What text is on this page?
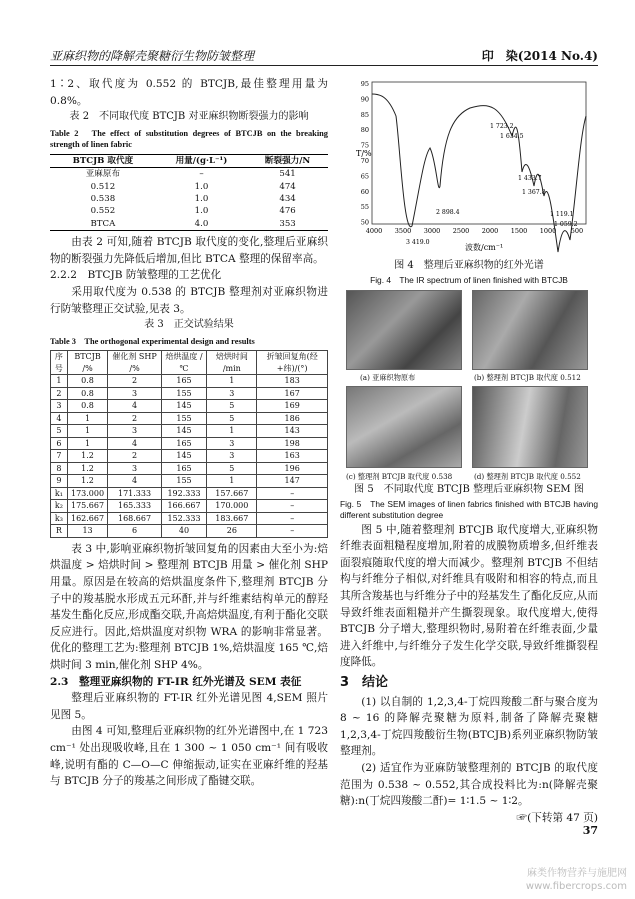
亚麻织物的降解壳聚糖衍生物防皱整理	印　染(2014 No.4)

1∶2、取代度为 0.552 的 BTCJB,最佳整理用量为 0.8%。

表 2　不同取代度 BTCJB 对亚麻织物断裂强力的影响

Table 2　The effect of substitution degrees of BTCJB on the breaking strength of linen fabric

BTCJB 取代度	用量/(g·L⁻¹)	断裂强力/N
亚麻原布	–	541
0.512	1.0	474
0.538	1.0	434
0.552	1.0	476
BTCA	4.0	353

由表 2 可知,随着 BTCJB 取代度的变化,整理后亚麻织物的断裂强力先降低后增加,但比 BTCA 整理的保留率高。

2.2.2　BTCJB 防皱整理的工艺优化

采用取代度为 0.538 的 BTCJB 整理剂对亚麻织物进行防皱整理正交试验,见表 3。

表 3　正交试验结果

Table 3　The orthogonal experimental design and results

序号	BTCJB /%	催化剂 SHP /%	焙烘温度 /℃	焙烘时间 /min	折皱回复角(经+纬)/(°)
1	0.8	2	165	1	183
2	0.8	3	155	3	167
3	0.8	4	145	5	169
4	1	2	155	5	186
5	1	3	145	1	143
6	1	4	165	3	198
7	1.2	2	145	3	163
8	1.2	3	165	5	196
9	1.2	4	155	1	147
k₁	173.000	171.333	192.333	157.667	–
k₂	175.667	165.333	166.667	170.000	–
k₃	162.667	168.667	152.333	183.667	–
R	13	6	40	26	–

表 3 中,影响亚麻织物折皱回复角的因素由大至小为:焙烘温度 > 焙烘时间 > 整理剂 BTCJB 用量 > 催化剂 SHP 用量。原因是在较高的焙烘温度条件下,整理剂 BTCJB 分子中的羧基脱水形成五元环酐,并与纤维素结构单元的醇羟基发生酯化反应,形成酯交联,升高焙烘温度,有利于酯化交联反应进行。因此,焙烘温度对织物 WRA 的影响非常显著。优化的整理工艺为:整理剂 BTCJB 1%,焙烘温度 165 ℃,焙烘时间 3 min,催化剂 SHP 4%。

2.3　整理亚麻织物的 FT-IR 红外光谱及 SEM 表征

整理后亚麻织物的 FT-IR 红外光谱见图 4,SEM 照片见图 5。

由图 4 可知,整理后亚麻织物的红外光谱图中,在 1 723 cm⁻¹ 处出现吸收峰,且在 1 300 ~ 1 050 cm⁻¹ 间有吸收峰,说明有酯的 C—O—C 伸缩振动,证实在亚麻纤维的羟基与 BTCJB 分子的羧基之间形成了酯键交联。

T/%
波数/cm⁻¹
95
90
85
80
75
70
65
60
55
50
4000 3500 3000 2500 2000 1500 1000 500
1 723.2
1 634.5
2 898.4
1 433.7
1 367.8
3 419.0
1 119.1
1 059.2

图 4　整理后亚麻织物的红外光谱

Fig. 4　The IR spectrum of linen finished with BTCJB

(a) 亚麻织物原布	(b) 整理剂 BTCJB 取代度 0.512
(c) 整理剂 BTCJB 取代度 0.538	(d) 整理剂 BTCJB 取代度 0.552

图 5　不同取代度 BTCJB 整理后亚麻织物 SEM 图

Fig. 5　The SEM images of linen fabrics finished with BTCJB having different substitution degree

图 5 中,随着整理剂 BTCJB 取代度增大,亚麻织物纤维表面粗糙程度增加,附着的成膜物质增多,但纤维表面裂痕随取代度的增大而减少。整理剂 BTCJB 不但结构与纤维分子相似,对纤维具有吸附和相容的特点,而且其所含羧基也与纤维分子中的羟基发生了酯化反应,从而导致纤维表面粗糙并产生撕裂现象。取代度增大,使得 BTCJB 分子增大,整理织物时,易附着在纤维表面,少量进入纤维中,与纤维分子发生化学交联,导致纤维撕裂程度降低。

3　结论

(1) 以自制的 1,2,3,4-丁烷四羧酸二酐与聚合度为 8 ~ 16 的降解壳聚糖为原料,制备了降解壳聚糖 1,2,3,4-丁烷四羧酸衍生物(BTCJB)系列亚麻织物防皱整理剂。

(2) 适宜作为亚麻防皱整理剂的 BTCJB 的取代度范围为 0.538 ~ 0.552,其合成投料比为:n(降解壳聚糖):n(丁烷四羧酸二酐)= 1∶1.5 ~ 1∶2。

☞(下转第 47 页)

37
麻类作物营养与施肥网
www.fibercrops.com
